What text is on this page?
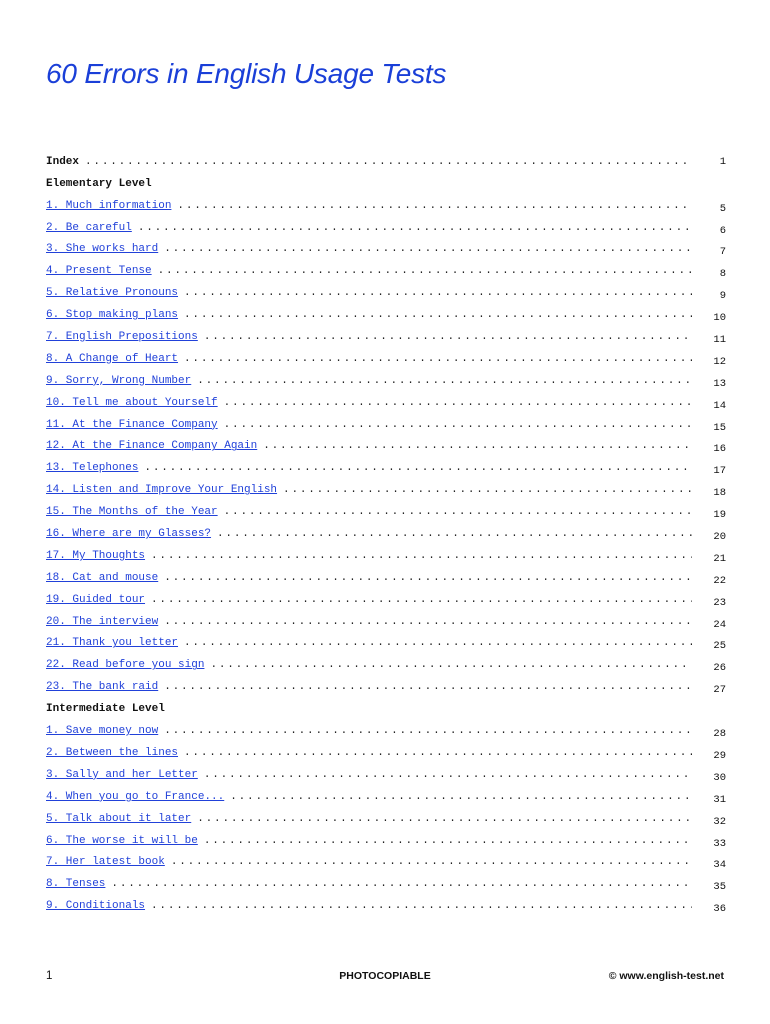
60 Errors in English Usage Tests
Index . . .	1
Elementary Level
1. Much information . . .	5
2. Be careful . . .	6
3. She works hard . . .	7
4. Present Tense . . .	8
5. Relative Pronouns . . .	9
6. Stop making plans . . .	10
7. English Prepositions . . .	11
8. A Change of Heart . . .	12
9. Sorry, Wrong Number . . .	13
10. Tell me about Yourself . . .	14
11. At the Finance Company . . .	15
12. At the Finance Company Again . . .	16
13. Telephones . . .	17
14. Listen and Improve Your English . . .	18
15. The Months of the Year . . .	19
16. Where are my Glasses? . . .	20
17. My Thoughts . . .	21
18. Cat and mouse . . .	22
19. Guided tour . . .	23
20. The interview . . .	24
21. Thank you letter . . .	25
22. Read before you sign . . .	26
23. The bank raid . . .	27
Intermediate Level
1. Save money now . . .	28
2. Between the lines . . .	29
3. Sally and her Letter . . .	30
4. When you go to France... . . .	31
5. Talk about it later . . .	32
6. The worse it will be . . .	33
7. Her latest book . . .	34
8. Tenses . . .	35
9. Conditionals . . .	36
1	PHOTOCOPIABLE	© www.english-test.net
